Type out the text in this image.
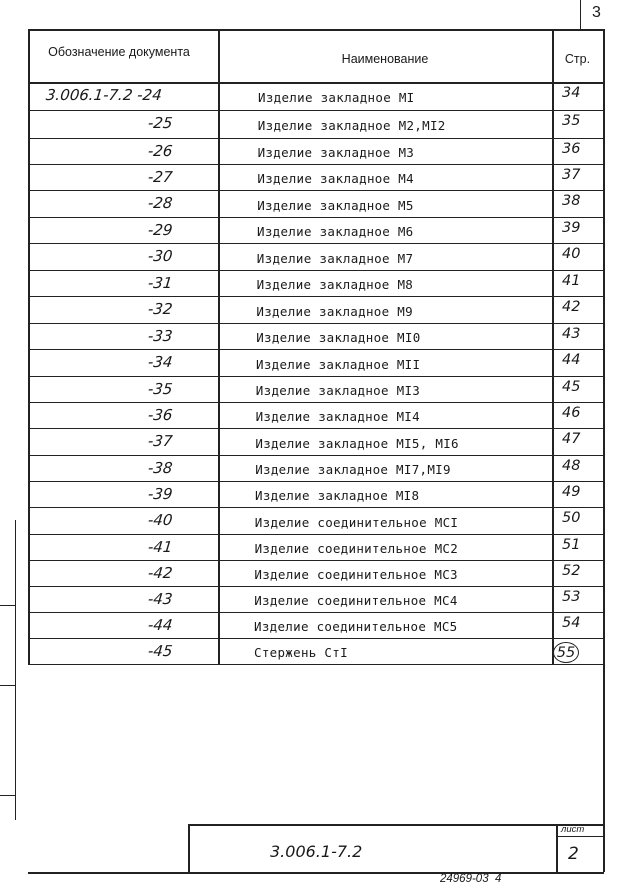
3
Обозначение документа	Наименование	Стр.
3.006.1-7.2 -24	Изделие закладное МI	34
-25	Изделие закладное М2,МI2	35
-26	Изделие закладное М3	36
-27	Изделие закладное М4	37
-28	Изделие закладное М5	38
-29	Изделие закладное М6	39
-30	Изделие закладное М7	40
-31	Изделие закладное М8	41
-32	Изделие закладное М9	42
-33	Изделие закладное МI0	43
-34	Изделие закладное МII	44
-35	Изделие закладное МI3	45
-36	Изделие закладное МI4	46
-37	Изделие закладное МI5, МI6	47
-38	Изделие закладное МI7,МI9	48
-39	Изделие закладное МI8	49
-40	Изделие соединительное МСI	50
-41	Изделие соединительное МС2	51
-42	Изделие соединительное МС3	52
-43	Изделие соединительное МС4	53
-44	Изделие соединительное МС5	54
-45	Стержень СтI	55
3.006.1-7.2
лист
2
24969-03  4
